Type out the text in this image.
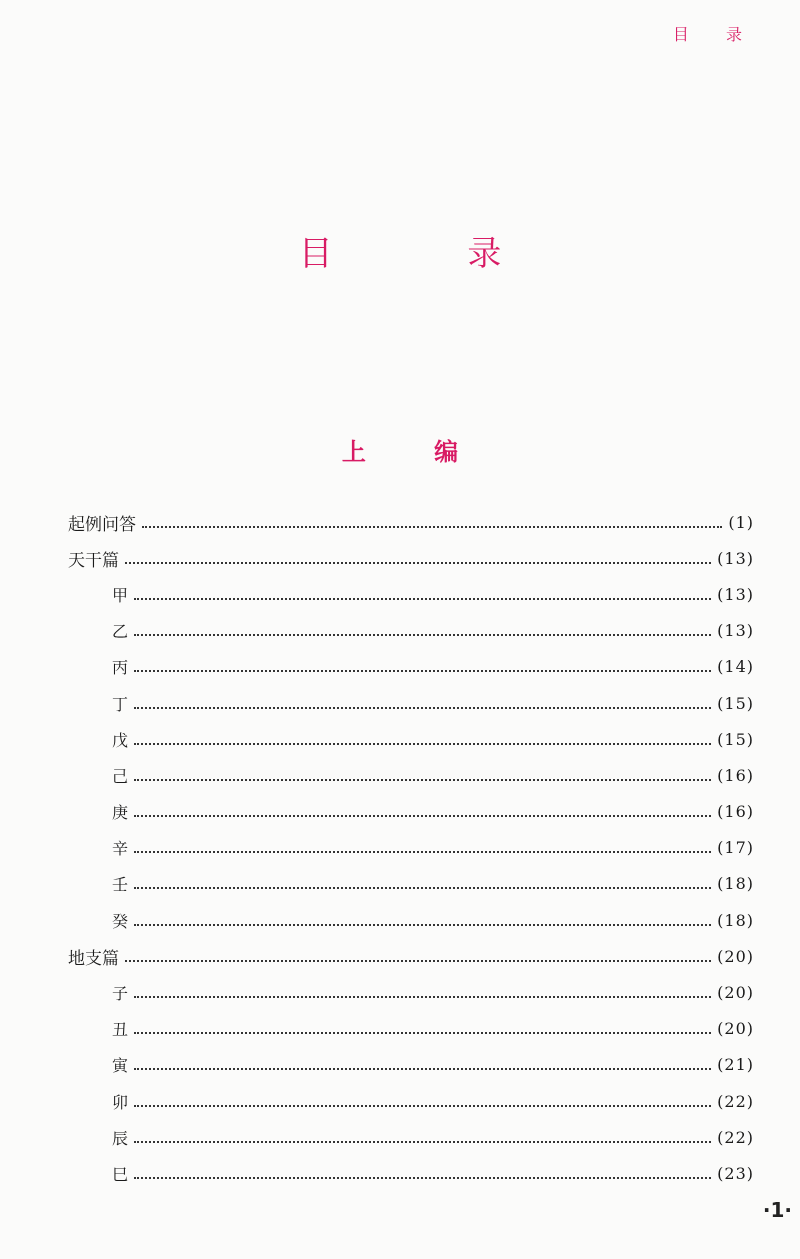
目 录
目 录
上 编
起例问答	(1)
天干篇	(13)
甲	(13)
乙	(13)
丙	(14)
丁	(15)
戊	(15)
己	(16)
庚	(16)
辛	(17)
壬	(18)
癸	(18)
地支篇	(20)
子	(20)
丑	(20)
寅	(21)
卯	(22)
辰	(22)
巳	(23)
·1·
